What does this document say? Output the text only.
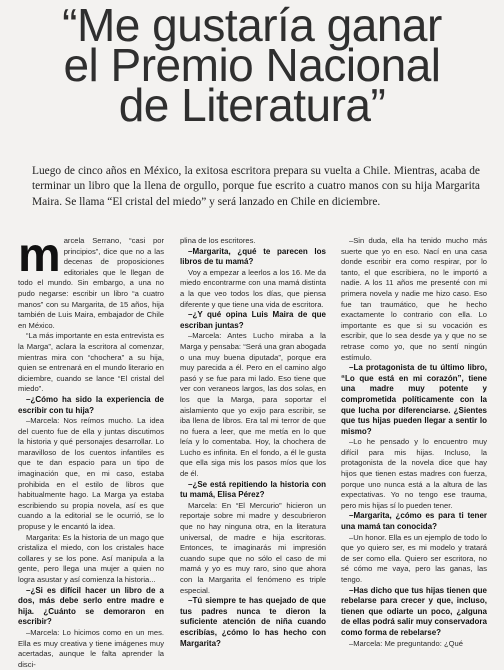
“Me gustaría ganar
el Premio Nacional
de Literatura”
Luego de cinco años en México, la exitosa escritora prepara su vuelta a Chile. Mientras, acaba de terminar un libro que la llena de orgullo, porque fue escrito a cuatro manos con su hija Margarita Maira. Se llama “El cristal del miedo” y será lanzado en Chile en diciembre.

marcela Serrano, “casi por principios”, dice que no a las decenas de proposiciones editoriales que le llegan de todo el mundo. Sin embargo, a una no pudo negarse: escribir un libro “a cuatro manos” con su Margarita, de 15 años, hija también de Luis Maira, embajador de Chile en México.

“La más importante en esta entrevista es la Marga”, aclara la escritora al comenzar, mientras mira con “chochera” a su hija, quien se entrenará en el mundo literario en diciembre, cuando se lance “El cristal del miedo”.

–¿Cómo ha sido la experiencia de escribir con tu hija?

–Marcela: Nos reímos mucho. La idea del cuento fue de ella y juntas discutimos la historia y qué personajes desarrollar. Lo maravilloso de los cuentos infantiles es que te dan espacio para un tipo de imaginación que, en mi caso, estaba prohibida en el estilo de libros que habitualmente hago. La Marga ya estaba escribiendo su propia novela, así es que cuando a la editorial se le ocurrió, se lo propuse y le encantó la idea.

Margarita: Es la historia de un mago que cristaliza el miedo, con los cristales hace collares y se los pone. Así manipula a la gente, pero llega una mujer a quien no logra asustar y así comienza la historia...

–¿Si es difícil hacer un libro de a dos, más debe serlo entre madre e hija. ¿Cuánto se demoraron en escribir?

–Marcela: Lo hicimos como en un mes. Ella es muy creativa y tiene imágenes muy acertadas, aunque le falta aprender la disci-

plina de los escritores.

–Margarita, ¿qué te parecen los libros de tu mamá?

Voy a empezar a leerlos a los 16. Me da miedo encontrarme con una mamá distinta a la que veo todos los días, que piensa diferente y que tiene una vida de escritora.

–¿Y qué opina Luis Maira de que escriban juntas?

–Marcela: Antes Lucho miraba a la Marga y pensaba: “Será una gran abogada o una muy buena diputada”, porque era muy parecida a él. Pero en el camino algo pasó y se fue para mi lado. Eso tiene que ver con veraneos largos, las dos solas, en los que la Marga, para soportar el aislamiento que yo exijo para escribir, se iba llena de libros. Era tal mi terror de que no fuera a leer, que me metía en lo que leía y lo comentaba. Hoy, la chochera de Lucho es infinita. En el fondo, a él le gusta que ella siga mis los pasos míos que los de él.

–¿Se está repitiendo la historia con tu mamá, Elisa Pérez?

Marcela: En “El Mercurio” hicieron un reportaje sobre mi madre y descubrieron que no hay ninguna otra, en la literatura universal, de madre e hija escritoras. Entonces, te imaginarás mi impresión cuando supe que no sólo el caso de mi mamá y yo es muy raro, sino que ahora con la Margarita el fenómeno es triple especial.

–Tú siempre te has quejado de que tus padres nunca te dieron la suficiente atención de niña cuando escribías, ¿cómo lo has hecho con Margarita?

–Sin duda, ella ha tenido mucho más suerte que yo en eso. Nací en una casa donde escribir era como respirar, por lo tanto, el que escribiera, no le importó a nadie. A los 11 años me presenté con mi primera novela y nadie me hizo caso. Eso fue tan traumático, que he hecho exactamente lo contrario con ella. Lo importante es que si su vocación es escribir, que lo sea desde ya y que no se retrase como yo, que no sentí ningún estímulo.

–La protagonista de tu último libro, “Lo que está en mi corazón”, tiene una madre muy potente y comprometida políticamente con la que lucha por diferenciarse. ¿Sientes que tus hijas pueden llegar a sentir lo mismo?

–Lo he pensado y lo encuentro muy difícil para mis hijas. Incluso, la protagonista de la novela dice que hay hijos que tienen estas madres con fuerza, porque uno nunca está a la altura de las expectativas. Yo no tengo ese trauma, pero mis hijas sí lo pueden tener.

–Margarita, ¿cómo es para ti tener una mamá tan conocida?

–Un honor. Ella es un ejemplo de todo lo que yo quiero ser, es mi modelo y tratará de ser como ella. Quiero ser escritora, no sé cómo me vaya, pero las ganas, las tengo.

–Has dicho que tus hijas tienen que rebelarse para crecer y que, incluso, tienen que odiarte un poco, ¿alguna de ellas podrá salir muy conservadora como forma de rebelarse?

–Marcela: Me preguntando: ¿Qué
